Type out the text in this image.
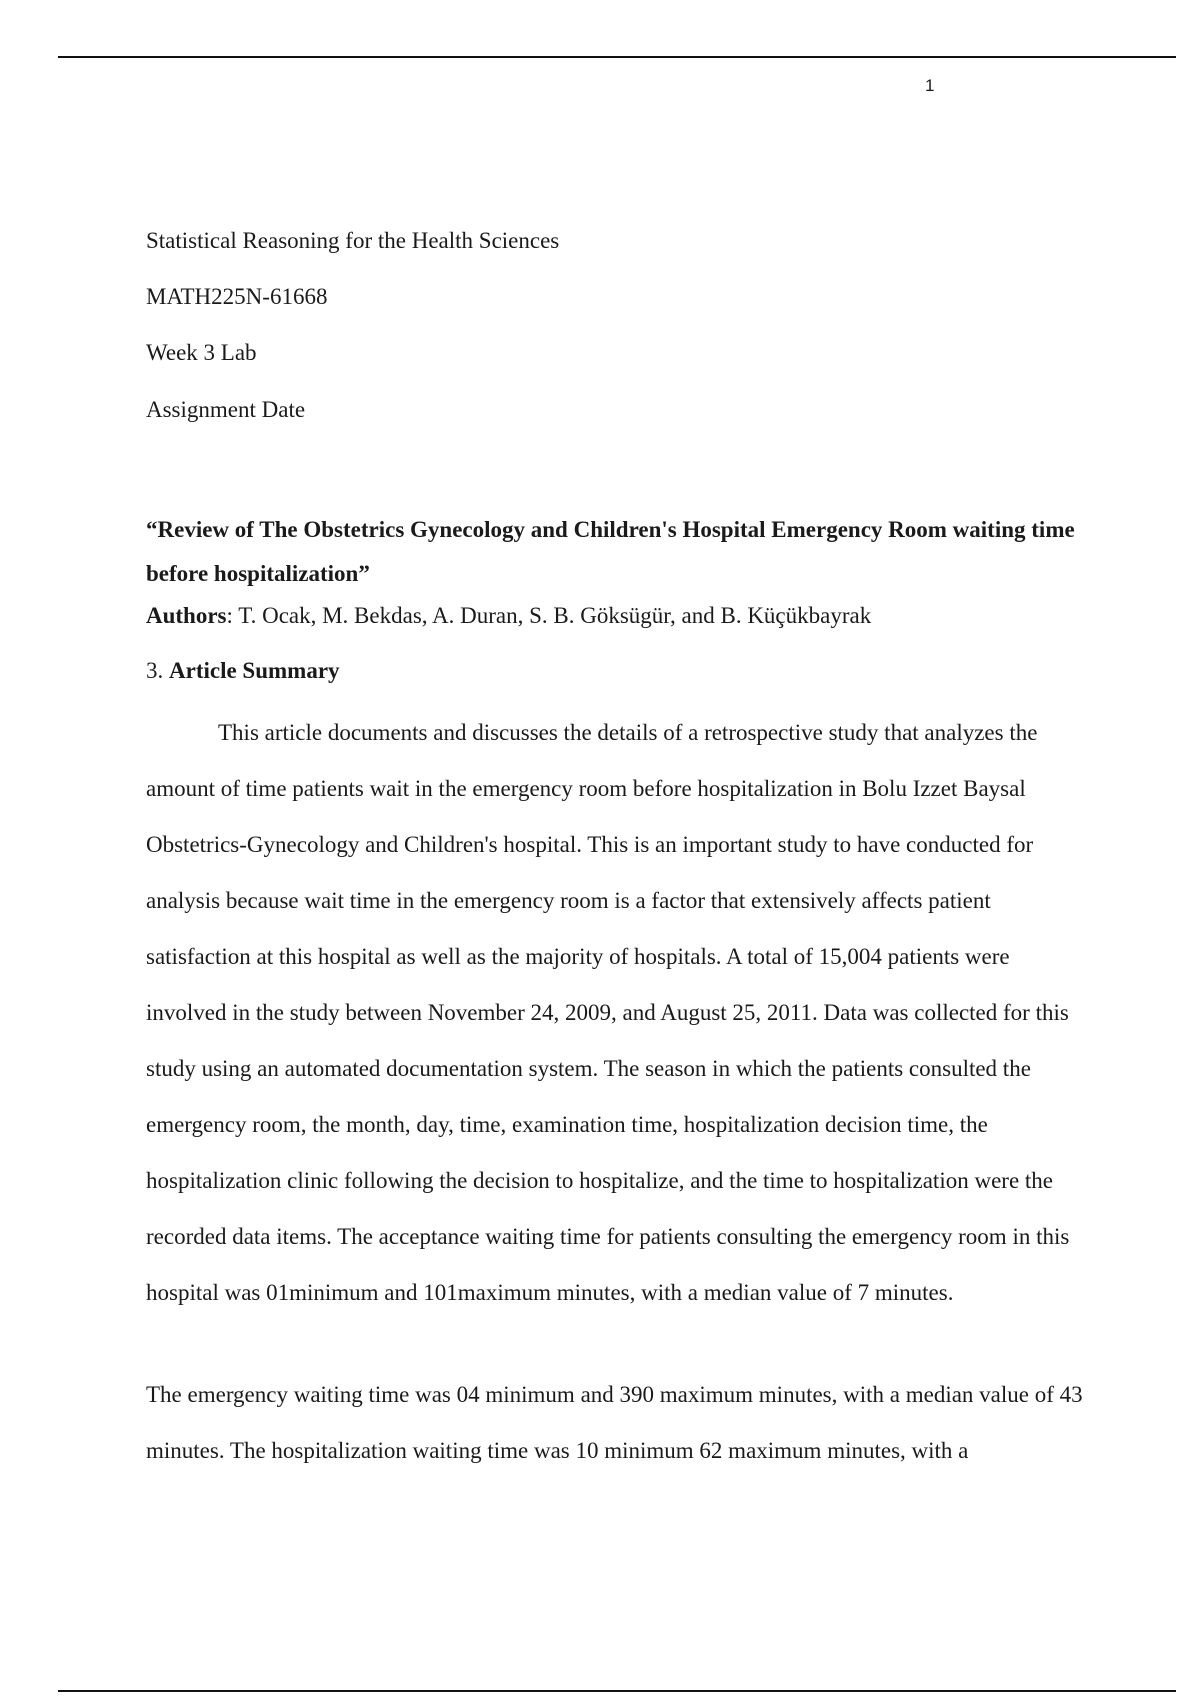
1
Statistical Reasoning for the Health Sciences
MATH225N-61668
Week 3 Lab
Assignment Date

“Review of The Obstetrics Gynecology and Children's Hospital Emergency Room waiting time before hospitalization”

Authors: T. Ocak, M. Bekdas, A. Duran, S. B. Göksügür, and B. Küçükbayrak
3. Article Summary

This article documents and discusses the details of a retrospective study that analyzes the amount of time patients wait in the emergency room before hospitalization in Bolu Izzet Baysal Obstetrics-Gynecology and Children's hospital. This is an important study to have conducted for analysis because wait time in the emergency room is a factor that extensively affects patient satisfaction at this hospital as well as the majority of hospitals. A total of 15,004 patients were involved in the study between November 24, 2009, and August 25, 2011. Data was collected for this study using an automated documentation system. The season in which the patients consulted the emergency room, the month, day, time, examination time, hospitalization decision time, the hospitalization clinic following the decision to hospitalize, and the time to hospitalization were the recorded data items. The acceptance waiting time for patients consulting the emergency room in this hospital was 01minimum and 101maximum minutes, with a median value of 7 minutes.

The emergency waiting time was 04 minimum and 390 maximum minutes, with a median value of 43 minutes. The hospitalization waiting time was 10 minimum 62 maximum minutes, with a
